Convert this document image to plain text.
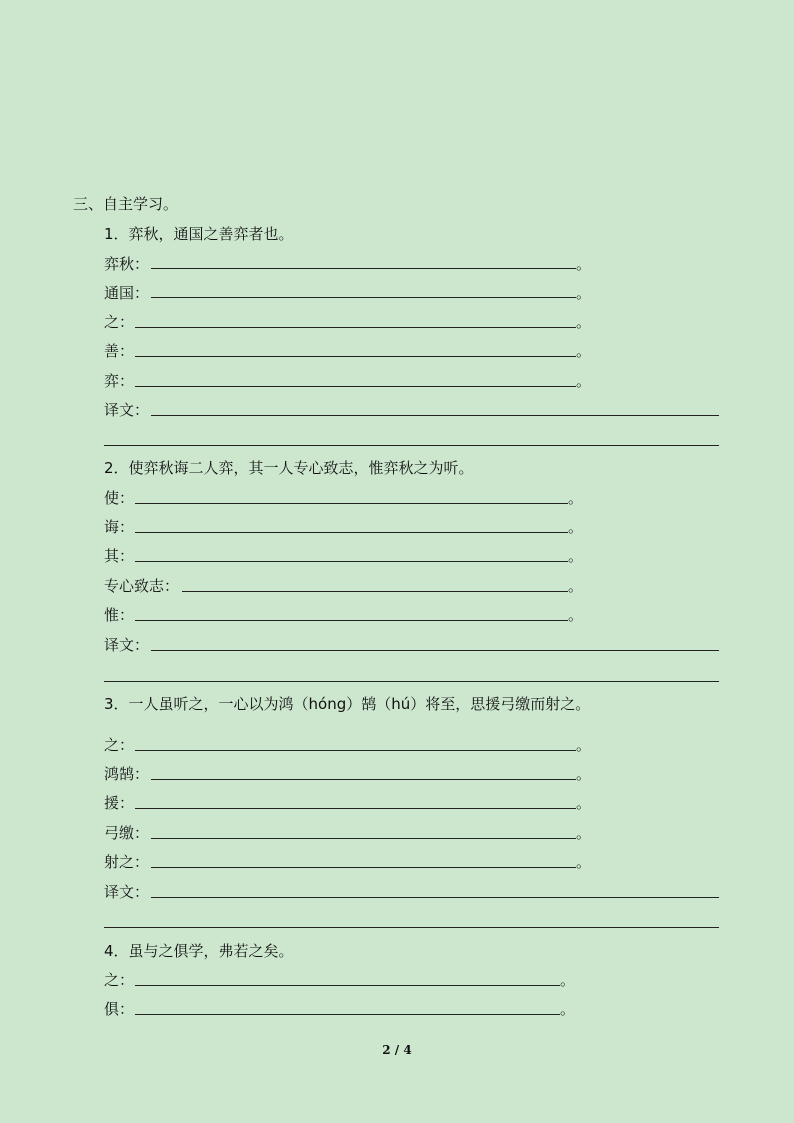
三、自主学习。
1．弈秋，通国之善弈者也。
弈秋：	。
通国：	。
之：	。
善：	。
弈：	。
译文：
2．使弈秋诲二人弈，其一人专心致志，惟弈秋之为听。
使：	。
诲：	。
其：	。
专心致志：	。
惟：	。
译文：
3．一人虽听之，一心以为鸿（hóng）鹄（hú）将至，思援弓缴而射之。
之：	。
鸿鹄：	。
援：	。
弓缴：	。
射之：	。
译文：
4．虽与之俱学，弗若之矣。
之：	。
俱：	。
2 / 4
